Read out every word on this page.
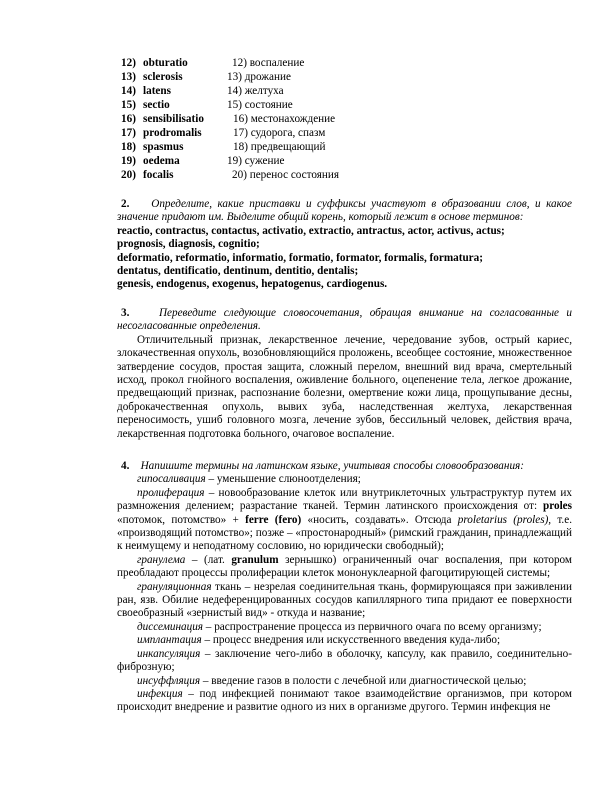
12) obturatio	12) воспаление
13) sclerosis	13) дрожание
14) latens	14) желтуха
15) sectio	15) состояние
16) sensibilisatio	16) местонахождение
17) prodromalis	17) судорога, спазм
18) spasmus	18) предвещающий
19) oedema	19) сужение
20) focalis	20) перенос состояния
2. Определите, какие приставки и суффиксы участвуют в образовании слов, и какое значение придают им. Выделите общий корень, который лежит в основе терминов:
reactio, contractus, contactus, activatio, extractio, antractus, actor, activus, actus;
prognosis, diagnosis, cognitio;
deformatio, reformatio, informatio, formatio, formator, formalis, formatura;
dentatus, dentificatio, dentinum, dentitio, dentalis;
genesis, endogenus, exogenus, hepatogenus, cardiogenus.
3.	Переведите следующие словосочетания, обращая внимание на согласованные и несогласованные определения.
Отличительный признак, лекарственное лечение, чередование зубов, острый кариес, злокачественная опухоль, возобновляющийся проложень, всеобщее состояние, множественное затвердение сосудов, простая защита, сложный перелом, внешний вид врача, смертельный исход, прокол гнойного воспаления, оживление больного, оцепенение тела, легкое дрожание, предвещающий признак, распознание болезни, омертвение кожи лица, прощупывание десны, доброкачественная опухоль, вывих зуба, наследственная желтуха, лекарственная переносимость, ушиб головного мозга, лечение зубов, бессильный человек, действия врача, лекарственная подготовка больного, очаговое воспаление.
4. Напишите термины на латинском языке, учитывая способы словообразования:
гипосаливация – уменьшение слюноотделения;
пролиферация – новообразование клеток или внутриклеточных ультраструктур путем их размножения делением; разрастание тканей. Термин латинского происхождения от: proles «потомок, потомство» + ferre (fero) «носить, создавать». Отсюда proletarius (proles), т.е. «производящий потомство»; позже – «простонародный» (римский гражданин, принадлежащий к неимущему и неподатному сословию, но юридически свободный);
гранулема – (лат. granulum зернышко) ограниченный очаг воспаления, при котором преобладают процессы пролиферации клеток мононуклеарной фагоцитирующей системы;
грануляционная ткань – незрелая соединительная ткань, формирующаяся при заживлении ран, язв. Обилие недеференцированных сосудов капиллярного типа придают ее поверхности своеобразный «зернистый вид» - откуда и название;
диссеминация – распространение процесса из первичного очага по всему организму;
имплантация – процесс внедрения или искусственного введения куда-либо;
инкапсуляция – заключение чего-либо в оболочку, капсулу, как правило, соединительно-фиброзную;
инсуффляция – введение газов в полости с лечебной или диагностической целью;
инфекция – под инфекцией понимают такое взаимодействие организмов, при котором происходит внедрение и развитие одного из них в организме другого. Термин инфекция не
